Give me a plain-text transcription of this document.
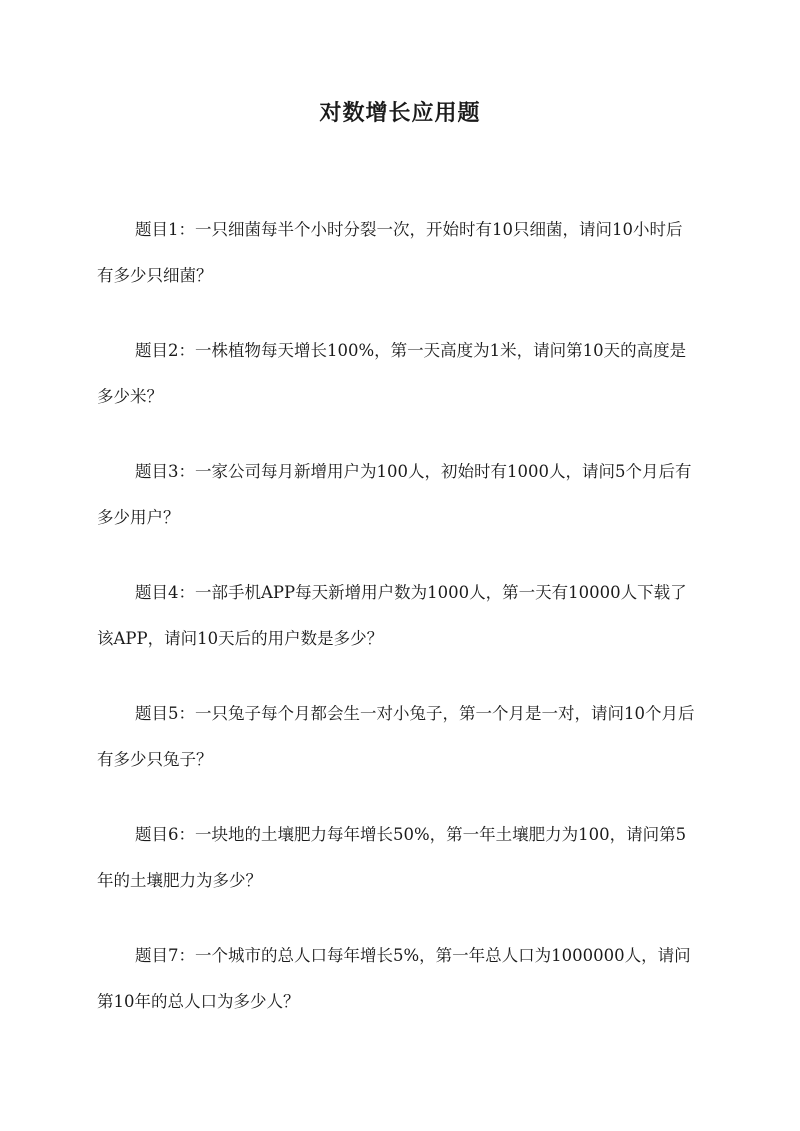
对数增长应用题

题目1：一只细菌每半个小时分裂一次，开始时有10只细菌，请问10小时后有多少只细菌？

题目2：一株植物每天增长100%，第一天高度为1米，请问第10天的高度是多少米？

题目3：一家公司每月新增用户为100人，初始时有1000人，请问5个月后有多少用户？

题目4：一部手机APP每天新增用户数为1000人，第一天有10000人下载了该APP，请问10天后的用户数是多少？

题目5：一只兔子每个月都会生一对小兔子，第一个月是一对，请问10个月后有多少只兔子？

题目6：一块地的土壤肥力每年增长50%，第一年土壤肥力为100，请问第5年的土壤肥力为多少？

题目7：一个城市的总人口每年增长5%，第一年总人口为1000000人，请问第10年的总人口为多少人？
